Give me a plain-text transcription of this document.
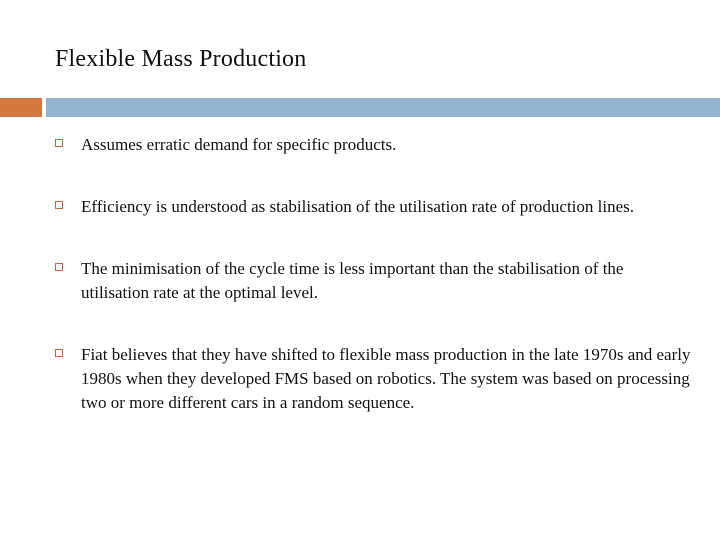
Flexible Mass Production
Assumes erratic demand for specific products.
Efficiency is understood as stabilisation of the utilisation rate of production lines.
The minimisation of the cycle time is less important than the stabilisation of the utilisation rate at the optimal level.
Fiat believes that they have shifted to flexible mass production in the late 1970s and early 1980s when they developed FMS based on robotics. The system was based on processing two or more different cars in a random sequence.
